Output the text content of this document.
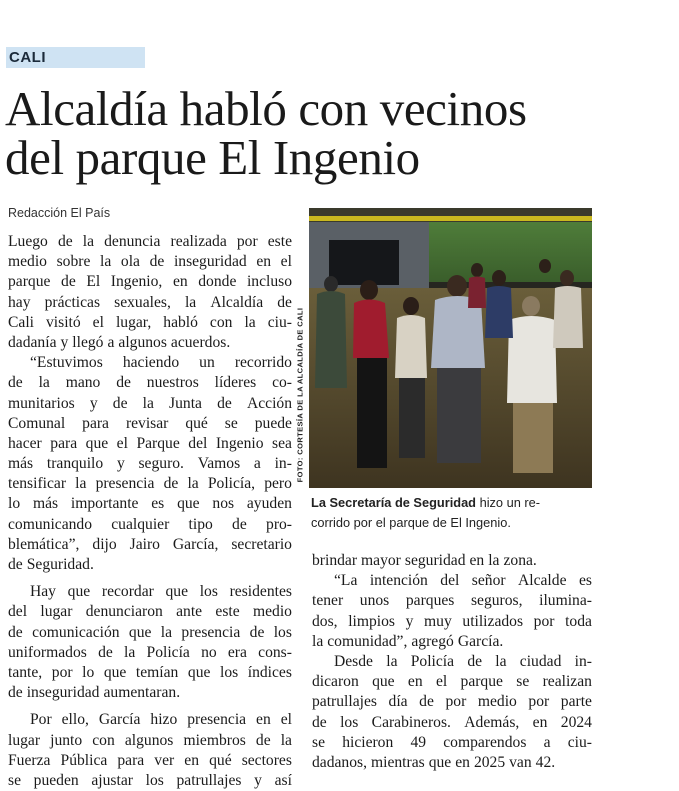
CALI
Alcaldía habló con vecinos
del parque El Ingenio
Redacción El País
Luego de la denuncia realizada por este
medio sobre la ola de inseguridad en el
parque de El Ingenio, en donde incluso
hay prácticas sexuales, la Alcaldía de
Cali visitó el lugar, habló con la ciu-
dadanía y llegó a algunos acuerdos.
“Estuvimos haciendo un recorrido
de la mano de nuestros líderes co-
munitarios y de la Junta de Acción
Comunal para revisar qué se puede
hacer para que el Parque del Ingenio sea
más tranquilo y seguro. Vamos a in-
tensificar la presencia de la Policía, pero
lo más importante es que nos ayuden
comunicando cualquier tipo de pro-
blemática”, dijo Jairo García, secretario
de Seguridad.
Hay que recordar que los residentes
del lugar denunciaron ante este medio
de comunicación que la presencia de los
uniformados de la Policía no era cons-
tante, por lo que temían que los índices
de inseguridad aumentaran.
Por ello, García hizo presencia en el
lugar junto con algunos miembros de la
Fuerza Pública para ver en qué sectores
se pueden ajustar los patrullajes y así
brindar mayor seguridad en la zona.
“La intención del señor Alcalde es
tener unos parques seguros, ilumina-
dos, limpios y muy utilizados por toda
la comunidad”, agregó García.
Desde la Policía de la ciudad in-
dicaron que en el parque se realizan
patrullajes día de por medio por parte
de los Carabineros. Además, en 2024
se hicieron 49 comparendos a ciu-
dadanos, mientras que en 2025 van 42.
FOTO: CORTESÍA DE LA ALCALDÍA DE CALI
La Secretaría de Seguridad hizo un re-
corrido por el parque de El Ingenio.
